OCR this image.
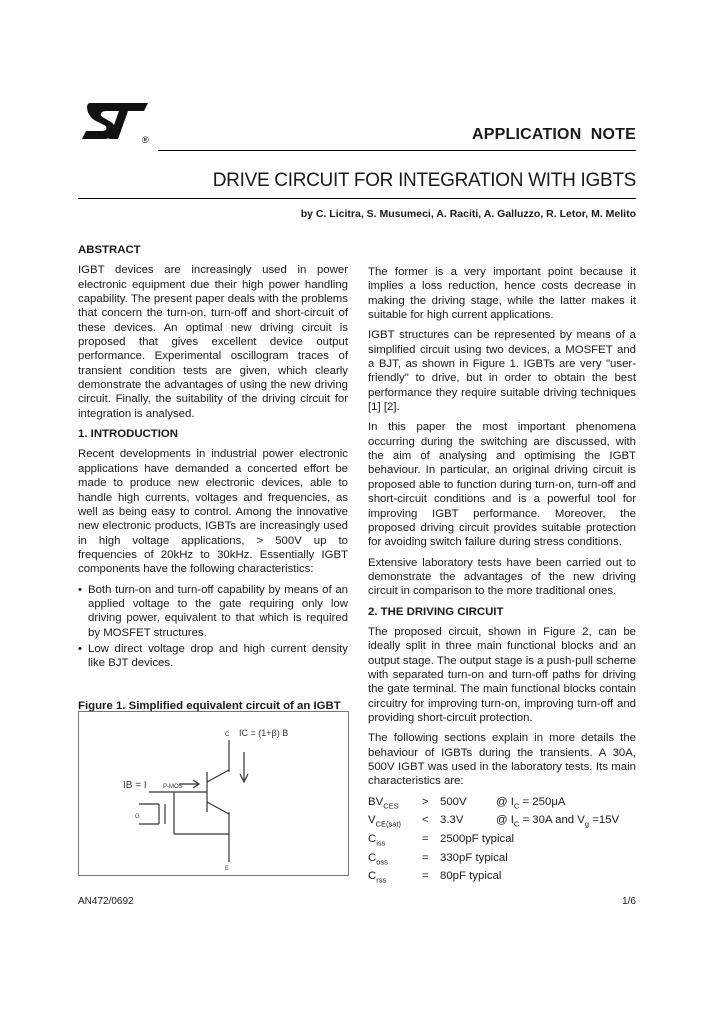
®	APPLICATION  NOTE
DRIVE CIRCUIT FOR INTEGRATION WITH IGBTS
by C. Licitra, S. Musumeci, A. Raciti, A. Galluzzo, R. Letor, M. Melito
ABSTRACT

IGBT devices are increasingly used in power electronic equipment due their high power handling capability. The present paper deals with the problems that concern the turn-on, turn-off and short-circuit of these devices. An optimal new driving circuit is proposed that gives excellent device output performance. Experimental oscillogram traces of transient condition tests are given, which clearly demonstrate the advantages of using the new driving circuit. Finally, the suitability of the driving circuit for integration is analysed.

1. INTRODUCTION

Recent developments in industrial power electronic applications have demanded a concerted effort be made to produce new electronic devices, able to handle high currents, voltages and frequencies, as well as being easy to control. Among the innovative new electronic products, IGBTs are increasingly used in high voltage applications, > 500V up to frequencies of 20kHz to 30kHz. Essentially IGBT components have the following characteristics:

• Both turn-on and turn-off capability by means of an applied voltage to the gate requiring only low driving power, equivalent to that which is required by MOSFET structures.
• Low direct voltage drop and high current density like BJT devices.
Figure 1. Simplified equivalent circuit of an IGBT
IC = (1+β) B
IB = I	P-MOS
C
E
G

The former is a very important point because it implies a loss reduction, hence costs decrease in making the driving stage, while the latter makes it suitable for high current applications.

IGBT structures can be represented by means of a simplified circuit using two devices, a MOSFET and a BJT, as shown in Figure 1. IGBTs are very "user-friendly" to drive, but in order to obtain the best performance they require suitable driving techniques [1] [2].

In this paper the most important phenomena occurring during the switching are discussed, with the aim of analysing and optimising the IGBT behaviour. In particular, an original driving circuit is proposed able to function during turn-on, turn-off and short-circuit conditions and is a powerful tool for improving IGBT performance. Moreover, the proposed driving circuit provides suitable protection for avoiding switch failure during stress conditions.

Extensive laboratory tests have been carried out to demonstrate the advantages of the new driving circuit in comparison to the more traditional ones.

2. THE DRIVING CIRCUIT

The proposed circuit, shown in Figure 2, can be ideally split in three main functional blocks and an output stage. The output stage is a push-pull scheme with separated turn-on and turn-off paths for driving the gate terminal. The main functional blocks contain circuitry for improving turn-on, improving turn-off and providing short-circuit protection.

The following sections explain in more details the behaviour of IGBTs during the transients. A 30A, 500V IGBT was used in the laboratory tests. Its main characteristics are:

$BV_{CES}$	> 500V	@ $I_C = 250\mu A$
$V_{CE(sat)}$	< 3.3V	@ $I_C = 30A$ and $V_g =15V$
$C_{iss}$	= 2500pF typical
$C_{oss}$	= 330pF typical
$C_{rss}$	= 80pF typical
AN472/0692	1/6
